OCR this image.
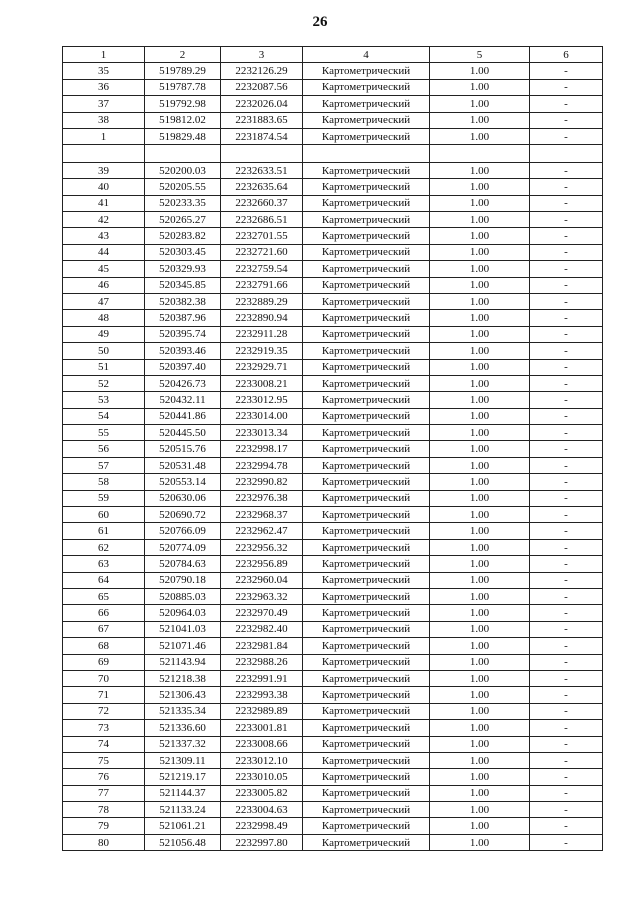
26
1	2	3	4	5	6
35	519789.29	2232126.29	Картометрический	1.00	-
36	519787.78	2232087.56	Картометрический	1.00	-
37	519792.98	2232026.04	Картометрический	1.00	-
38	519812.02	2231883.65	Картометрический	1.00	-
1	519829.48	2231874.54	Картометрический	1.00	-

39	520200.03	2232633.51	Картометрический	1.00	-
40	520205.55	2232635.64	Картометрический	1.00	-
41	520233.35	2232660.37	Картометрический	1.00	-
42	520265.27	2232686.51	Картометрический	1.00	-
43	520283.82	2232701.55	Картометрический	1.00	-
44	520303.45	2232721.60	Картометрический	1.00	-
45	520329.93	2232759.54	Картометрический	1.00	-
46	520345.85	2232791.66	Картометрический	1.00	-
47	520382.38	2232889.29	Картометрический	1.00	-
48	520387.96	2232890.94	Картометрический	1.00	-
49	520395.74	2232911.28	Картометрический	1.00	-
50	520393.46	2232919.35	Картометрический	1.00	-
51	520397.40	2232929.71	Картометрический	1.00	-
52	520426.73	2233008.21	Картометрический	1.00	-
53	520432.11	2233012.95	Картометрический	1.00	-
54	520441.86	2233014.00	Картометрический	1.00	-
55	520445.50	2233013.34	Картометрический	1.00	-
56	520515.76	2232998.17	Картометрический	1.00	-
57	520531.48	2232994.78	Картометрический	1.00	-
58	520553.14	2232990.82	Картометрический	1.00	-
59	520630.06	2232976.38	Картометрический	1.00	-
60	520690.72	2232968.37	Картометрический	1.00	-
61	520766.09	2232962.47	Картометрический	1.00	-
62	520774.09	2232956.32	Картометрический	1.00	-
63	520784.63	2232956.89	Картометрический	1.00	-
64	520790.18	2232960.04	Картометрический	1.00	-
65	520885.03	2232963.32	Картометрический	1.00	-
66	520964.03	2232970.49	Картометрический	1.00	-
67	521041.03	2232982.40	Картометрический	1.00	-
68	521071.46	2232981.84	Картометрический	1.00	-
69	521143.94	2232988.26	Картометрический	1.00	-
70	521218.38	2232991.91	Картометрический	1.00	-
71	521306.43	2232993.38	Картометрический	1.00	-
72	521335.34	2232989.89	Картометрический	1.00	-
73	521336.60	2233001.81	Картометрический	1.00	-
74	521337.32	2233008.66	Картометрический	1.00	-
75	521309.11	2233012.10	Картометрический	1.00	-
76	521219.17	2233010.05	Картометрический	1.00	-
77	521144.37	2233005.82	Картометрический	1.00	-
78	521133.24	2233004.63	Картометрический	1.00	-
79	521061.21	2232998.49	Картометрический	1.00	-
80	521056.48	2232997.80	Картометрический	1.00	-
